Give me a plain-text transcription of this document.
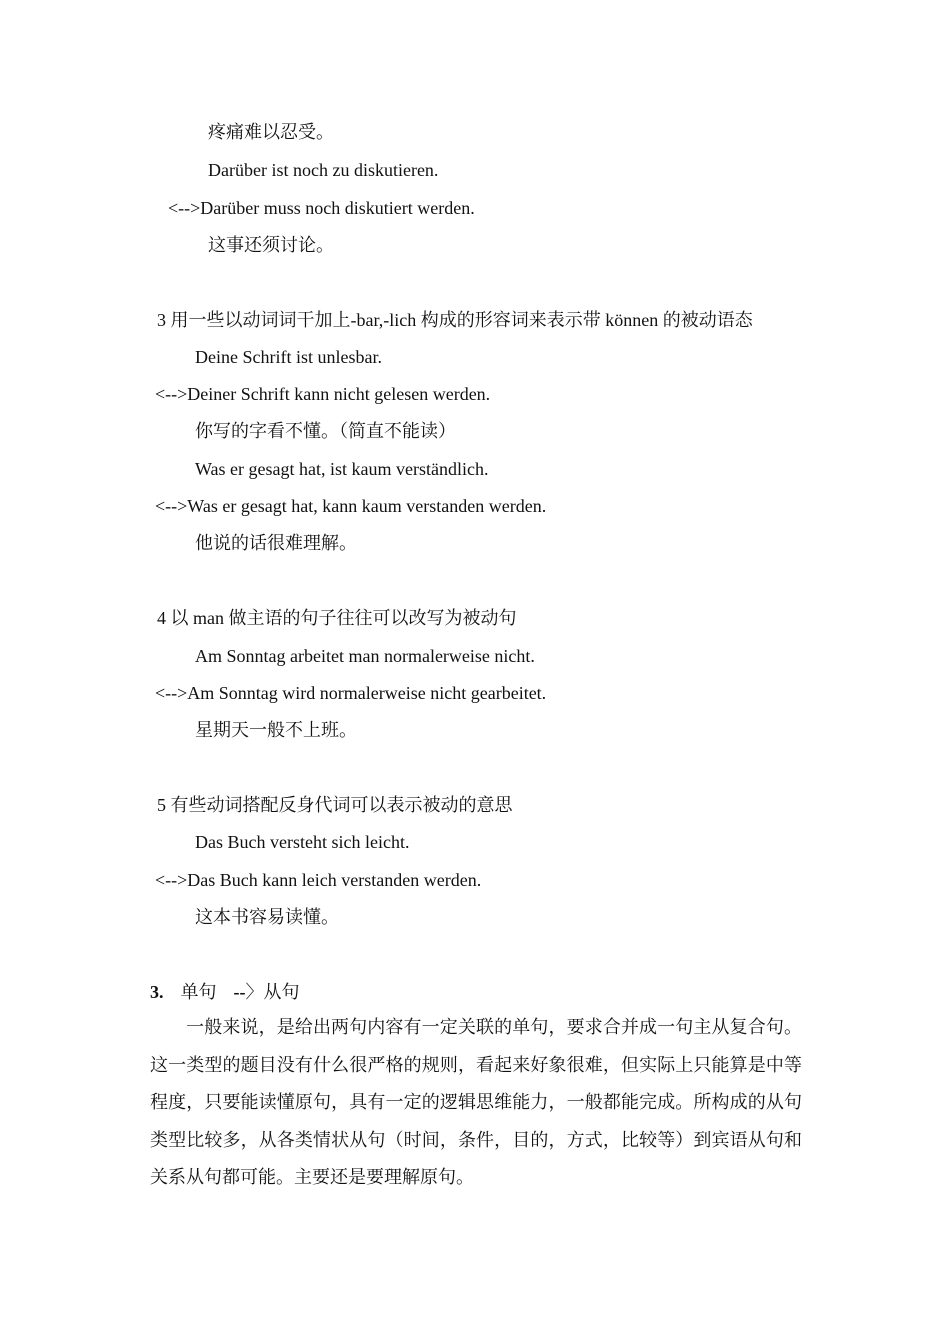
疼痛难以忍受。
Darüber ist noch zu diskutieren.
<-->Darüber muss noch diskutiert werden.
这事还须讨论。
3 用一些以动词词干加上-bar,-lich 构成的形容词来表示带 können 的被动语态
Deine Schrift ist unlesbar.
<-->Deiner Schrift kann nicht gelesen werden.
你写的字看不懂。（简直不能读）
Was er gesagt hat, ist kaum verständlich.
<-->Was er gesagt hat, kann kaum verstanden werden.
他说的话很难理解。
4 以 man 做主语的句子往往可以改写为被动句
Am Sonntag arbeitet man normalerweise nicht.
<-->Am Sonntag wird normalerweise nicht gearbeitet.
星期天一般不上班。
5 有些动词搭配反身代词可以表示被动的意思
Das Buch versteht sich leicht.
<-->Das Buch kann leich verstanden werden.
这本书容易读懂。
3. 单句 --〉从句
一般来说，是给出两句内容有一定关联的单句，要求合并成一句主从复合句。这一类型的题目没有什么很严格的规则，看起来好象很难，但实际上只能算是中等程度，只要能读懂原句，具有一定的逻辑思维能力，一般都能完成。所构成的从句类型比较多，从各类情状从句（时间，条件，目的，方式，比较等）到宾语从句和关系从句都可能。主要还是要理解原句。
